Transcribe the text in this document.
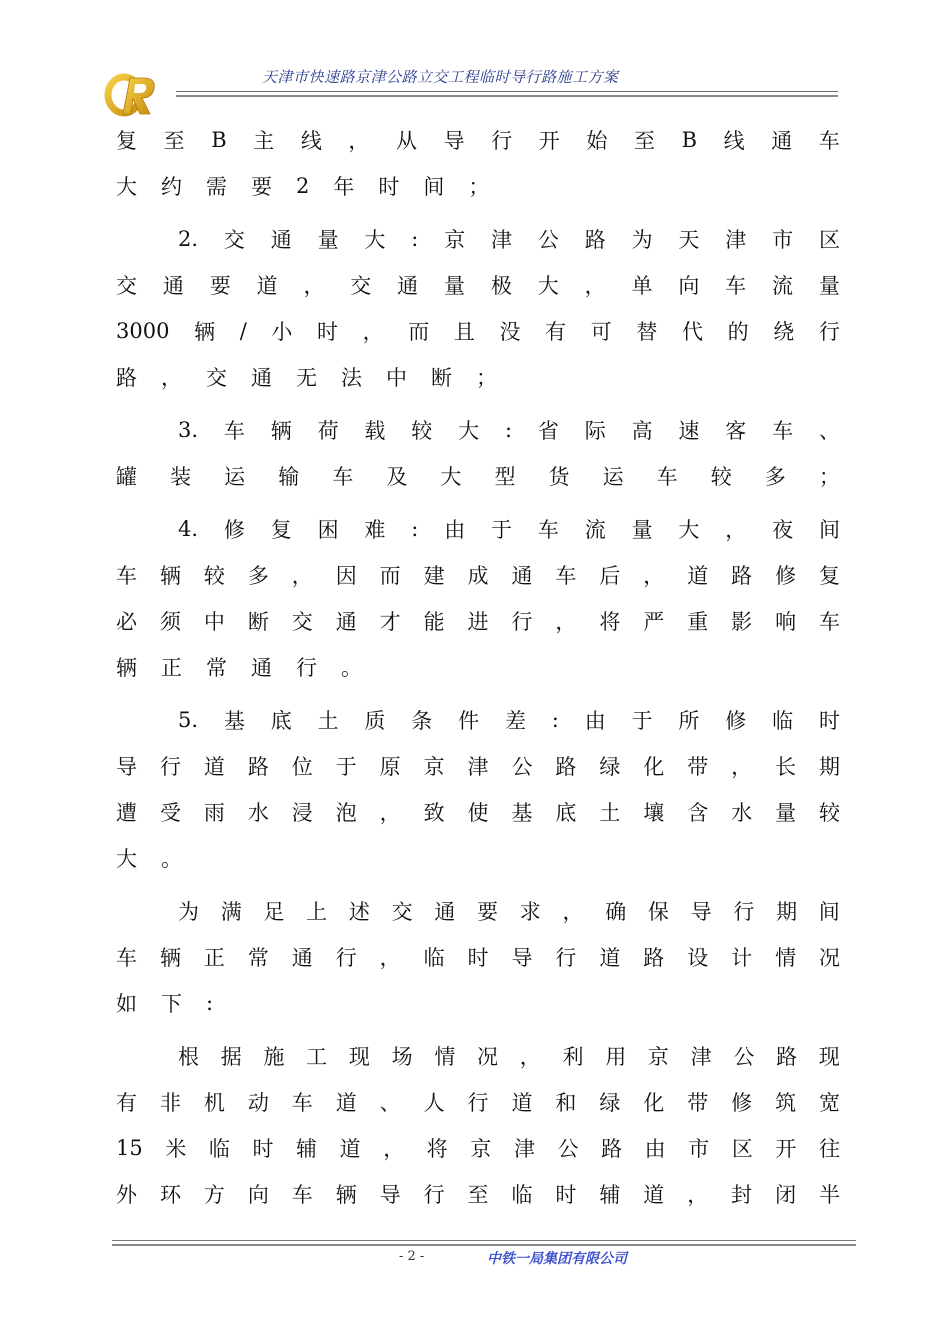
天津市快速路京津公路立交工程临时导行路施工方案
复 至 B 主 线 ， 从 导 行 开 始 至 B 线 通 车
大 约 需 要 2 年 时 间 ；
2. 交 通 量 大 : 京 津 公 路 为 天 津 市 区
交 通 要 道 ， 交 通 量 极 大 ， 单 向 车 流 量
3000 辆 / 小 时 ， 而 且 没 有 可 替 代 的 绕 行
路 ， 交 通 无 法 中 断 ；
3. 车 辆 荷 载 较 大 : 省 际 高 速 客 车 、
罐 装 运 输 车 及 大 型 货 运 车 较 多 ；
4. 修 复 困 难 : 由 于 车 流 量 大 ， 夜 间
车 辆 较 多 ， 因 而 建 成 通 车 后 ， 道 路 修 复
必 须 中 断 交 通 才 能 进 行 ， 将 严 重 影 响 车
辆 正 常 通 行 。
5. 基 底 土 质 条 件 差 : 由 于 所 修 临 时
导 行 道 路 位 于 原 京 津 公 路 绿 化 带 ， 长 期
遭 受 雨 水 浸 泡 ， 致 使 基 底 土 壤 含 水 量 较
大 。
为 满 足 上 述 交 通 要 求 ， 确 保 导 行 期 间
车 辆 正 常 通 行 ， 临 时 导 行 道 路 设 计 情 况
如 下 :
根 据 施 工 现 场 情 况 ， 利 用 京 津 公 路 现
有 非 机 动 车 道 、 人 行 道 和 绿 化 带 修 筑 宽
15 米 临 时 辅 道 ， 将 京 津 公 路 由 市 区 开 往
外 环 方 向 车 辆 导 行 至 临 时 辅 道 ， 封 闭 半
- 2 -	中铁一局集团有限公司
